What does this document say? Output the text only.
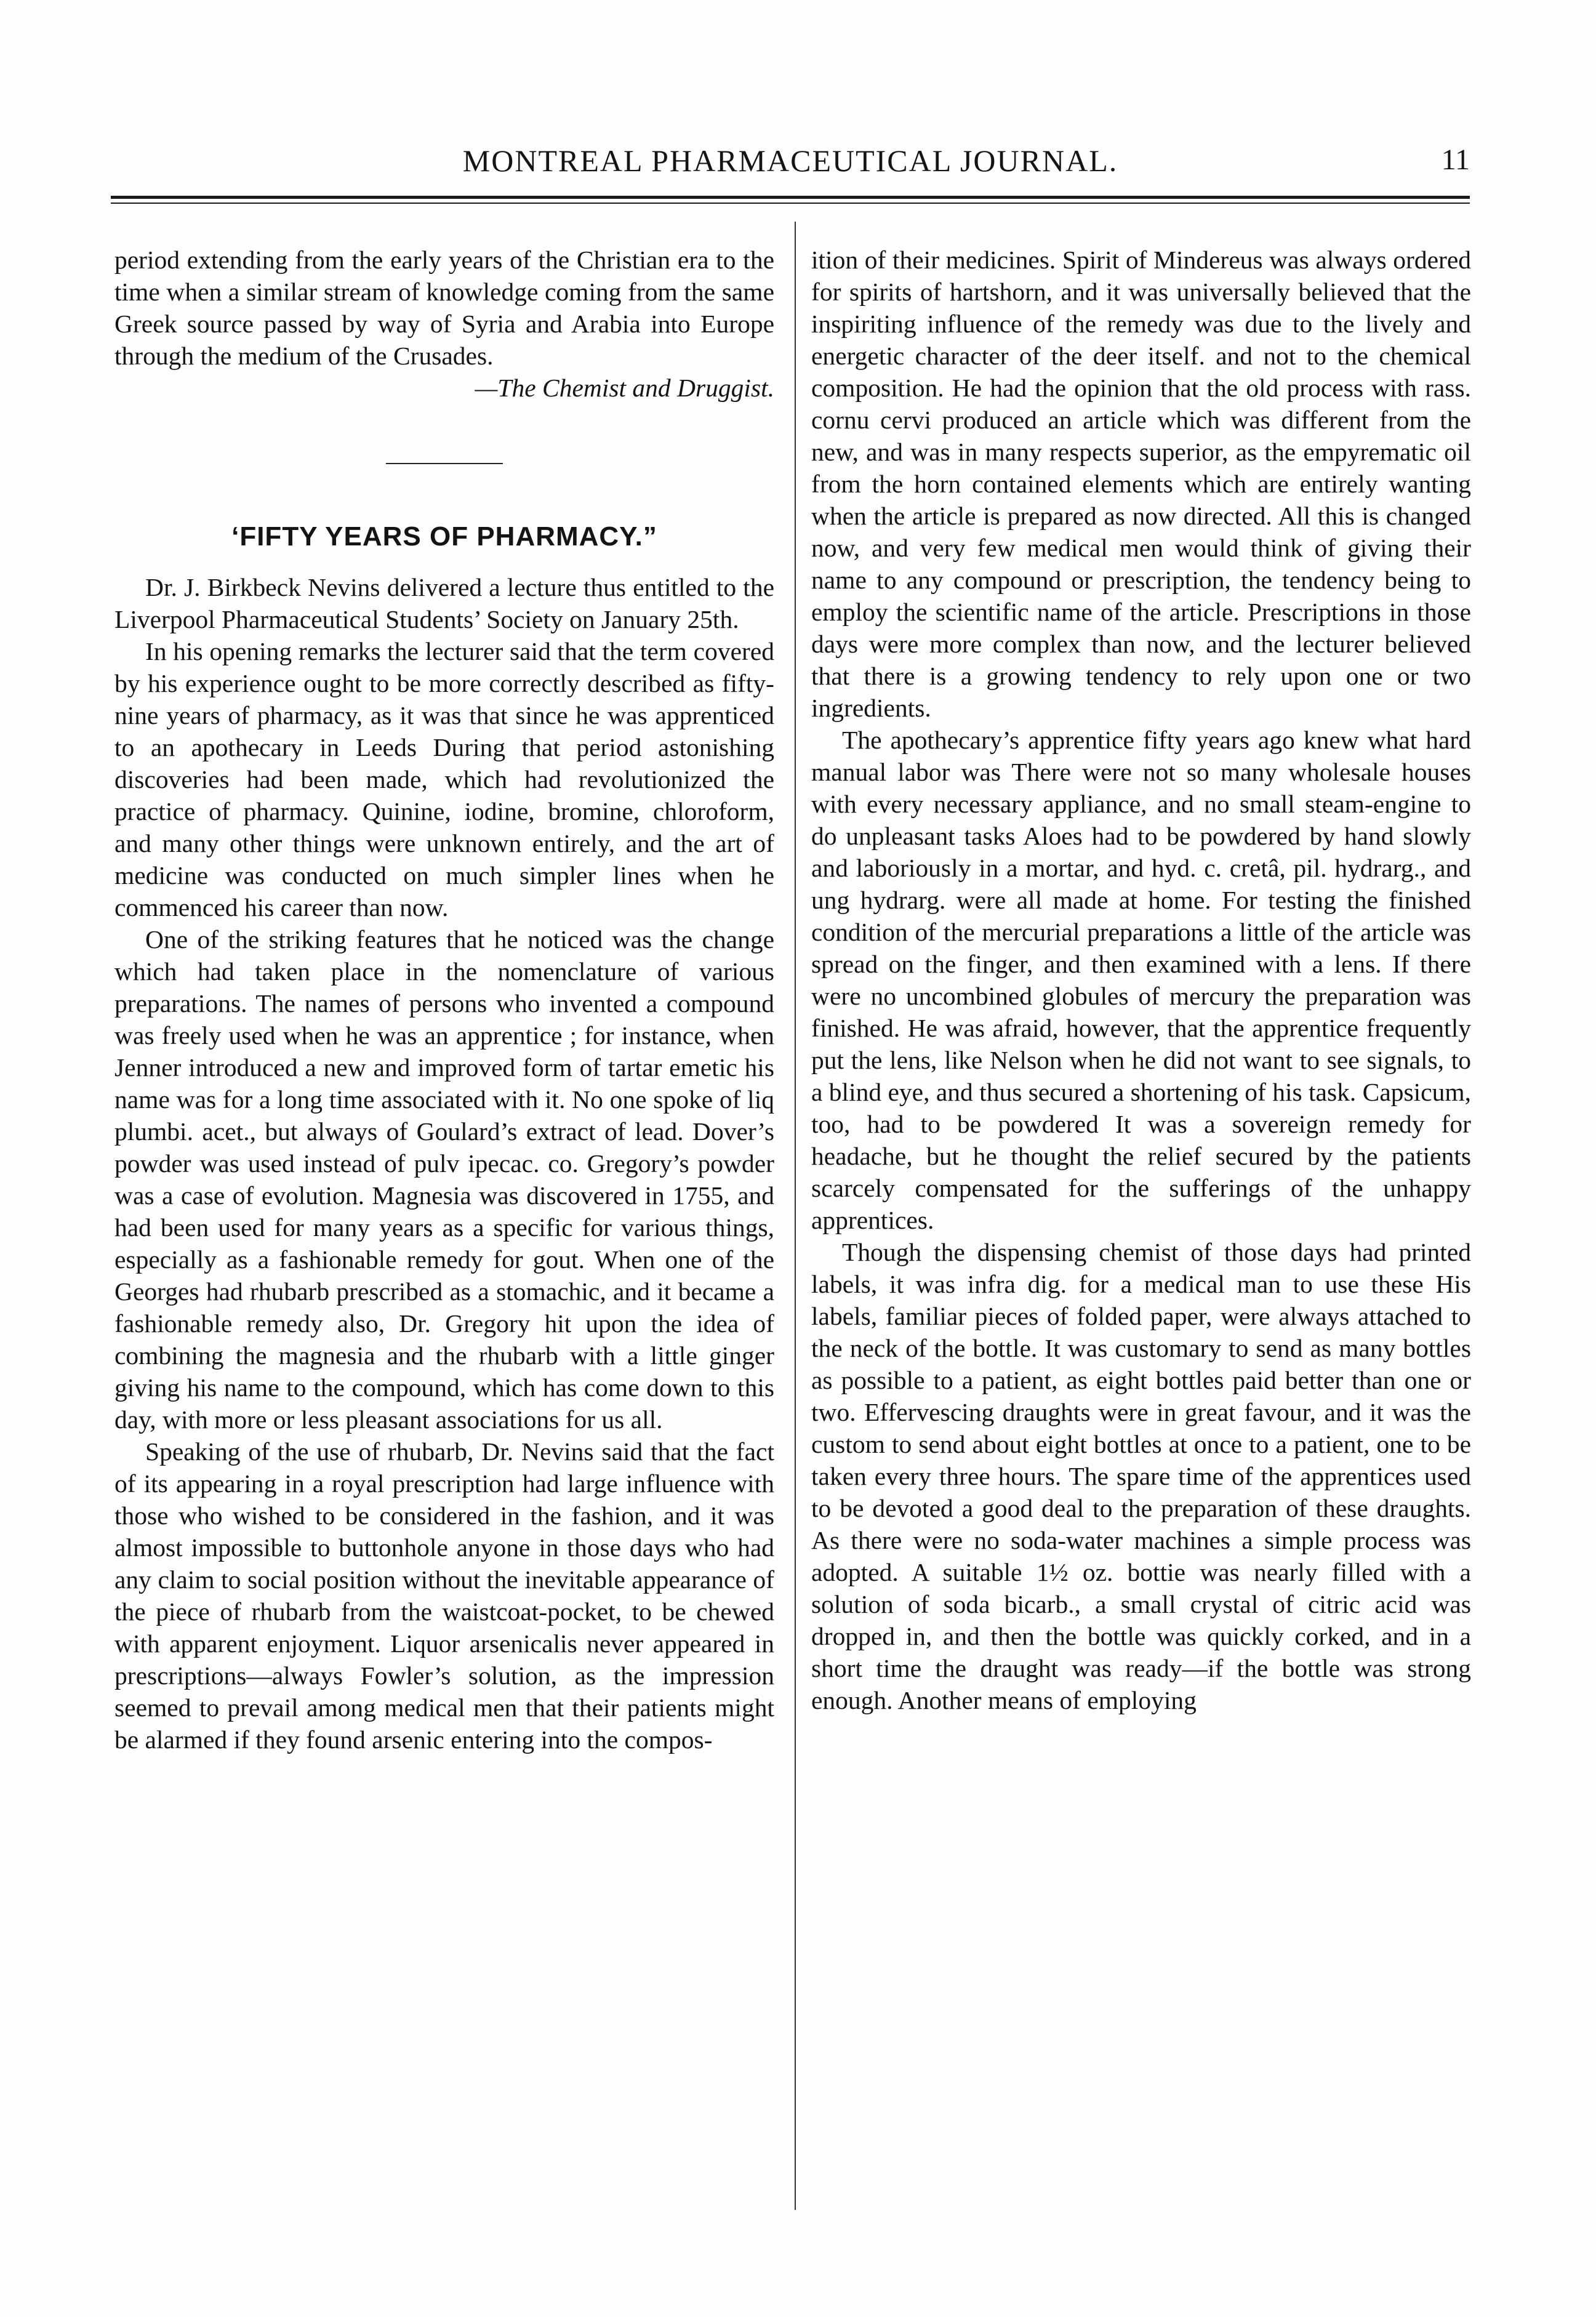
MONTREAL PHARMACEUTICAL JOURNAL.	11

period extending from the early years of the Christian era to the time when a similar stream of knowledge coming from the same Greek source passed by way of Syria and Arabia into Europe through the medium of the Crusades.

—The Chemist and Druggist.

‘FIFTY YEARS OF PHARMACY.”

Dr. J. Birkbeck Nevins delivered a lecture thus entitled to the Liverpool Pharmaceutical Students’ Society on January 25th.

In his opening remarks the lecturer said that the term covered by his experience ought to be more correctly described as fifty-nine years of pharmacy, as it was that since he was apprenticed to an apothecary in Leeds During that period astonishing discoveries had been made, which had revolutionized the practice of pharmacy. Quinine, iodine, bromine, chloroform, and many other things were unknown entirely, and the art of medicine was conducted on much simpler lines when he commenced his career than now.

One of the striking features that he noticed was the change which had taken place in the nomenclature of various preparations. The names of persons who invented a compound was freely used when he was an apprentice ; for instance, when Jenner introduced a new and improved form of tartar emetic his name was for a long time associated with it. No one spoke of liq plumbi. acet., but always of Goulard’s extract of lead. Dover’s powder was used instead of pulv ipecac. co. Gregory’s powder was a case of evolution. Magnesia was discovered in 1755, and had been used for many years as a specific for various things, especially as a fashionable remedy for gout. When one of the Georges had rhubarb prescribed as a stomachic, and it became a fashionable remedy also, Dr. Gregory hit upon the idea of combining the magnesia and the rhubarb with a little ginger giving his name to the compound, which has come down to this day, with more or less pleasant associations for us all.

Speaking of the use of rhubarb, Dr. Nevins said that the fact of its appearing in a royal prescription had large influence with those who wished to be considered in the fashion, and it was almost impossible to buttonhole anyone in those days who had any claim to social position without the inevitable appearance of the piece of rhubarb from the waistcoat-pocket, to be chewed with apparent enjoyment. Liquor arsenicalis never appeared in prescriptions—always Fowler’s solution, as the impression seemed to prevail among medical men that their patients might be alarmed if they found arsenic entering into the compos-

ition of their medicines. Spirit of Mindereus was always ordered for spirits of hartshorn, and it was universally believed that the inspiriting influence of the remedy was due to the lively and energetic character of the deer itself. and not to the chemical composition. He had the opinion that the old process with rass. cornu cervi produced an article which was different from the new, and was in many respects superior, as the empyrematic oil from the horn contained elements which are entirely wanting when the article is prepared as now directed. All this is changed now, and very few medical men would think of giving their name to any compound or prescription, the tendency being to employ the scientific name of the article. Prescriptions in those days were more complex than now, and the lecturer believed that there is a growing tendency to rely upon one or two ingredients.

The apothecary’s apprentice fifty years ago knew what hard manual labor was There were not so many wholesale houses with every necessary appliance, and no small steam-engine to do unpleasant tasks Aloes had to be powdered by hand slowly and laboriously in a mortar, and hyd. c. cretâ, pil. hydrarg., and ung hydrarg. were all made at home. For testing the finished condition of the mercurial preparations a little of the article was spread on the finger, and then examined with a lens. If there were no uncombined globules of mercury the preparation was finished. He was afraid, however, that the apprentice frequently put the lens, like Nelson when he did not want to see signals, to a blind eye, and thus secured a shortening of his task. Capsicum, too, had to be powdered It was a sovereign remedy for headache, but he thought the relief secured by the patients scarcely compensated for the sufferings of the unhappy apprentices.

Though the dispensing chemist of those days had printed labels, it was infra dig. for a medical man to use these His labels, familiar pieces of folded paper, were always attached to the neck of the bottle. It was customary to send as many bottles as possible to a patient, as eight bottles paid better than one or two. Effervescing draughts were in great favour, and it was the custom to send about eight bottles at once to a patient, one to be taken every three hours. The spare time of the apprentices used to be devoted a good deal to the preparation of these draughts. As there were no soda-water machines a simple process was adopted. A suitable 1½ oz. bottie was nearly filled with a solution of soda bicarb., a small crystal of citric acid was dropped in, and then the bottle was quickly corked, and in a short time the draught was ready—if the bottle was strong enough. Another means of employing
